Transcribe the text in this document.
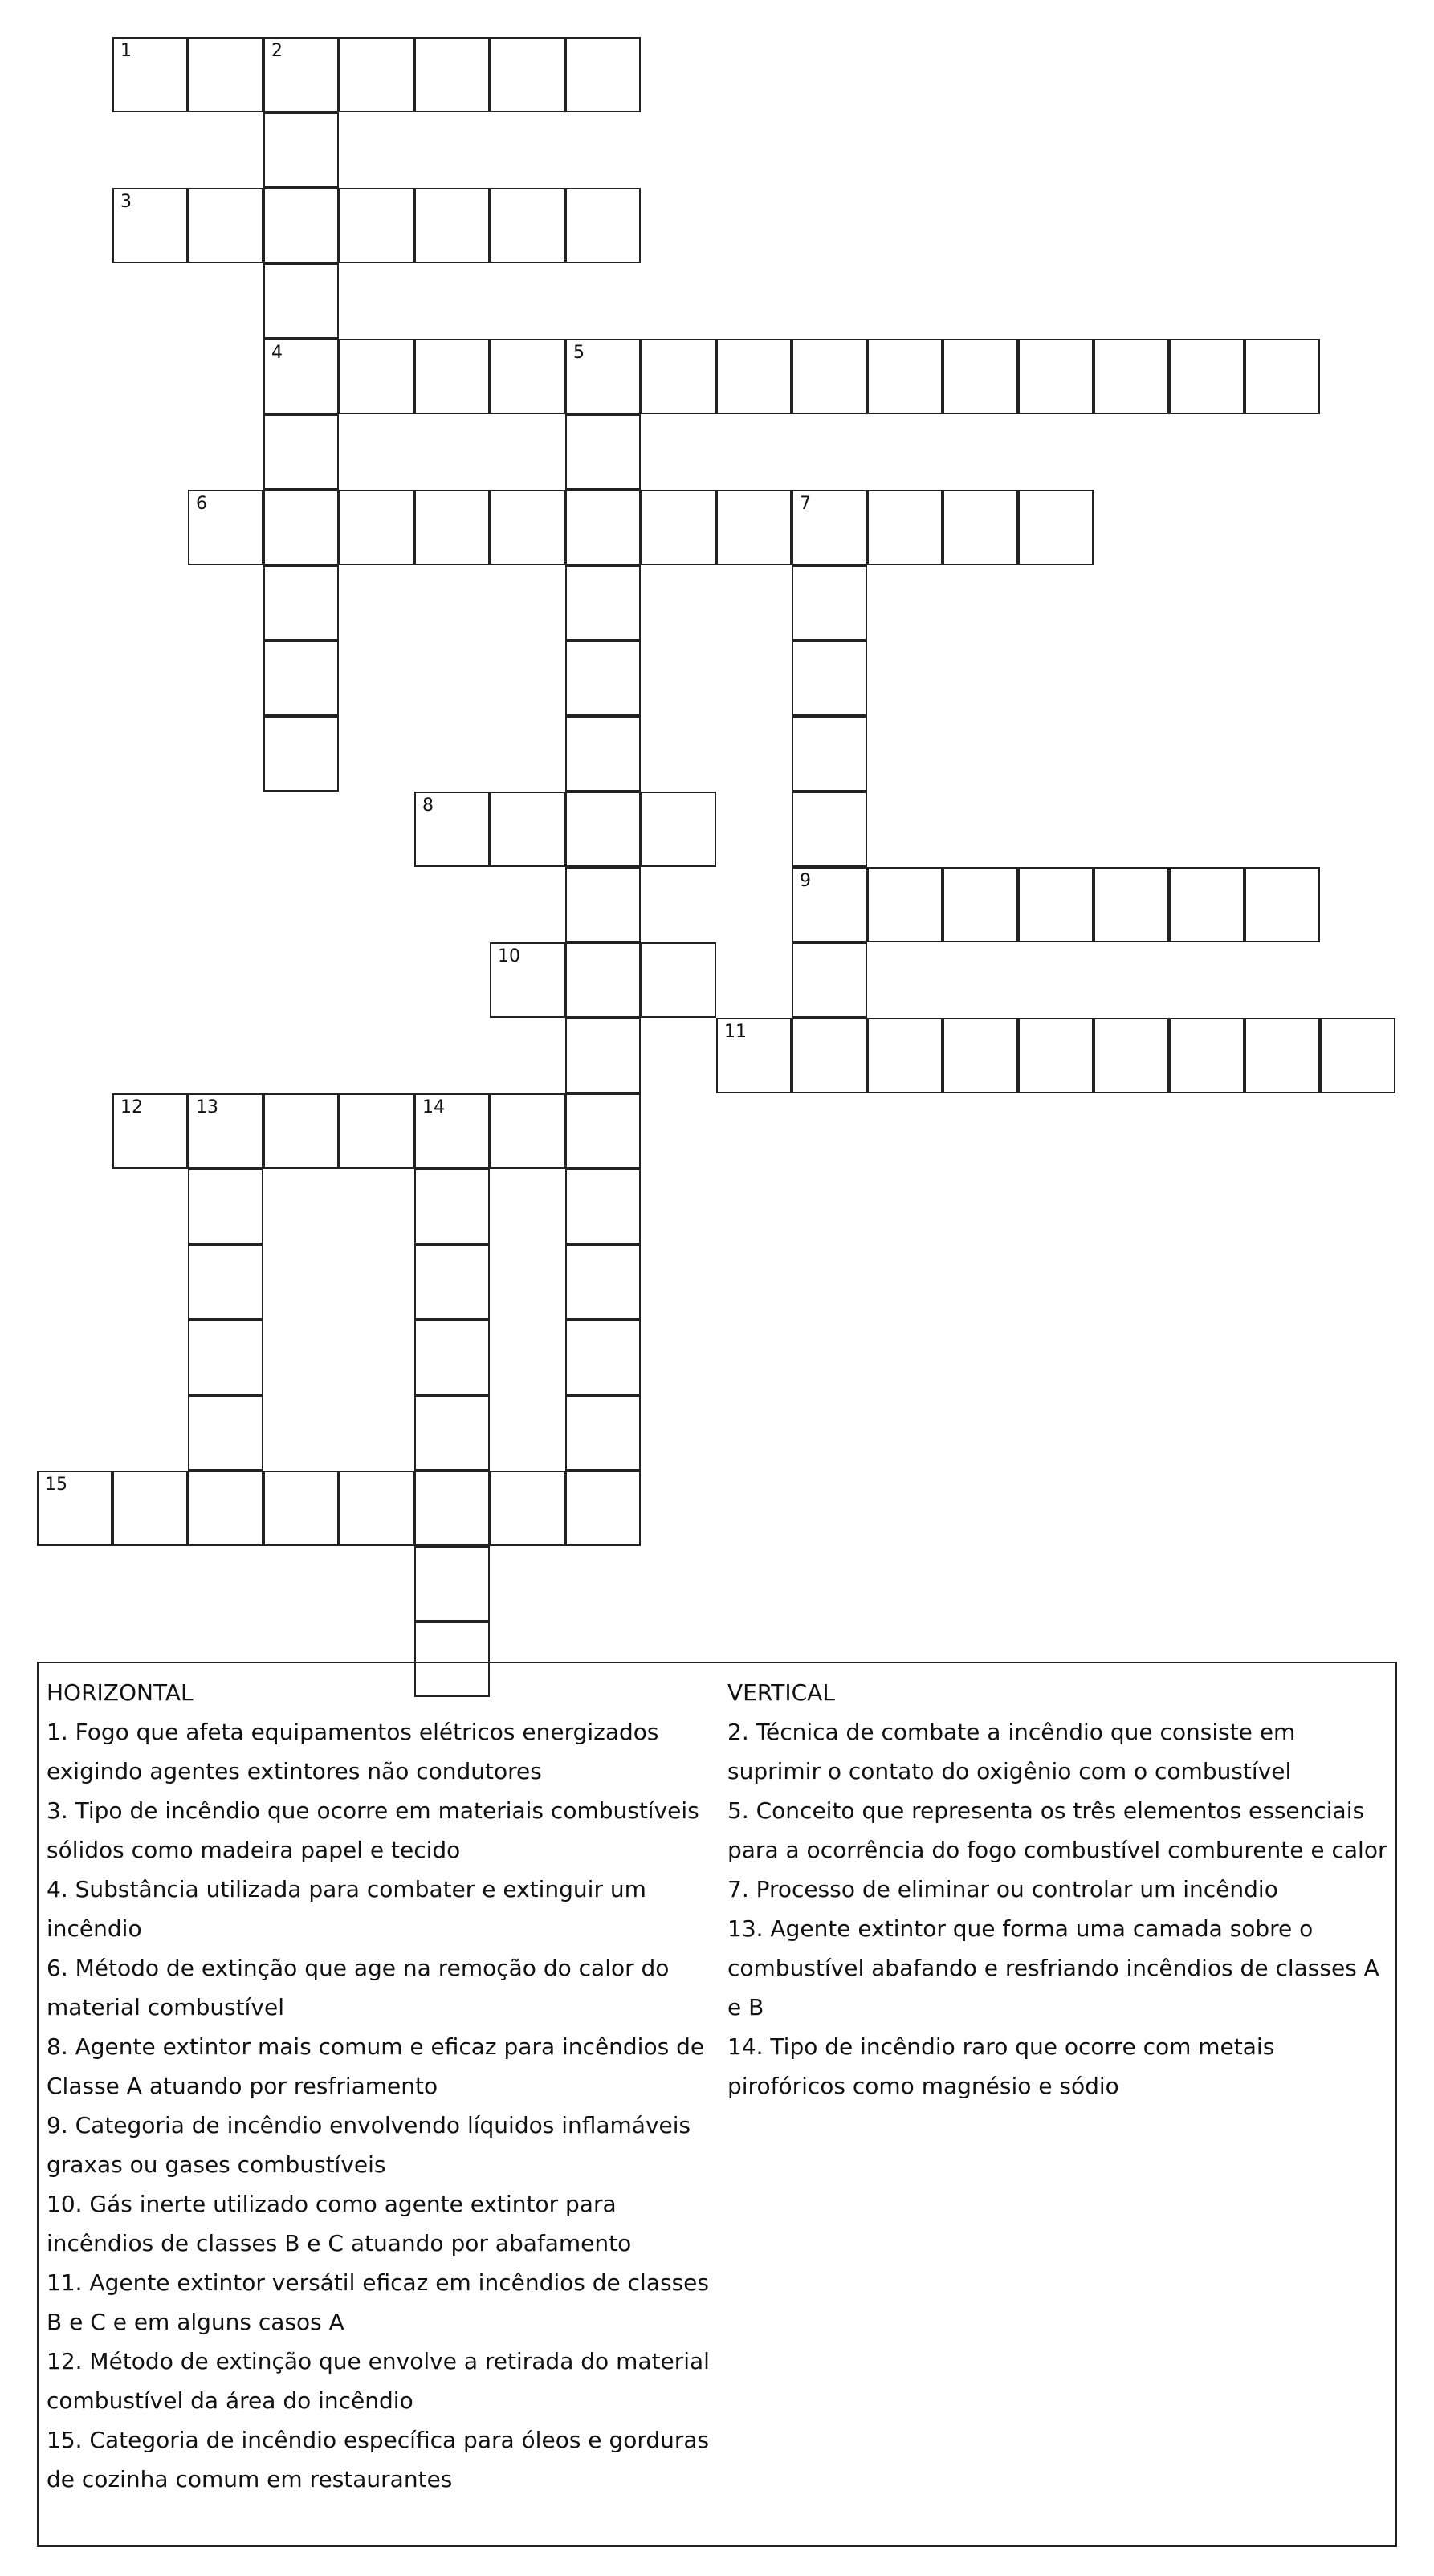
1	2
4
3
5
6	7
9
8
10
11
12	13	14
15
HORIZONTAL
1. Fogo que afeta equipamentos elétricos energizados exigindo agentes extintores não condutores
3. Tipo de incêndio que ocorre em materiais combustíveis sólidos como madeira papel e tecido
4. Substância utilizada para combater e extinguir um incêndio
6. Método de extinção que age na remoção do calor do material combustível
8. Agente extintor mais comum e eficaz para incêndios de Classe A atuando por resfriamento
9. Categoria de incêndio envolvendo líquidos inflamáveis graxas ou gases combustíveis
10. Gás inerte utilizado como agente extintor para incêndios de classes B e C atuando por abafamento
11. Agente extintor versátil eficaz em incêndios de classes B e C e em alguns casos A
12. Método de extinção que envolve a retirada do material combustível da área do incêndio
15. Categoria de incêndio específica para óleos e gorduras de cozinha comum em restaurantes
VERTICAL
2. Técnica de combate a incêndio que consiste em suprimir o contato do oxigênio com o combustível
5. Conceito que representa os três elementos essenciais para a ocorrência do fogo combustível comburente e calor
7. Processo de eliminar ou controlar um incêndio
13. Agente extintor que forma uma camada sobre o combustível abafando e resfriando incêndios de classes A e B
14. Tipo de incêndio raro que ocorre com metais pirofóricos como magnésio e sódio
